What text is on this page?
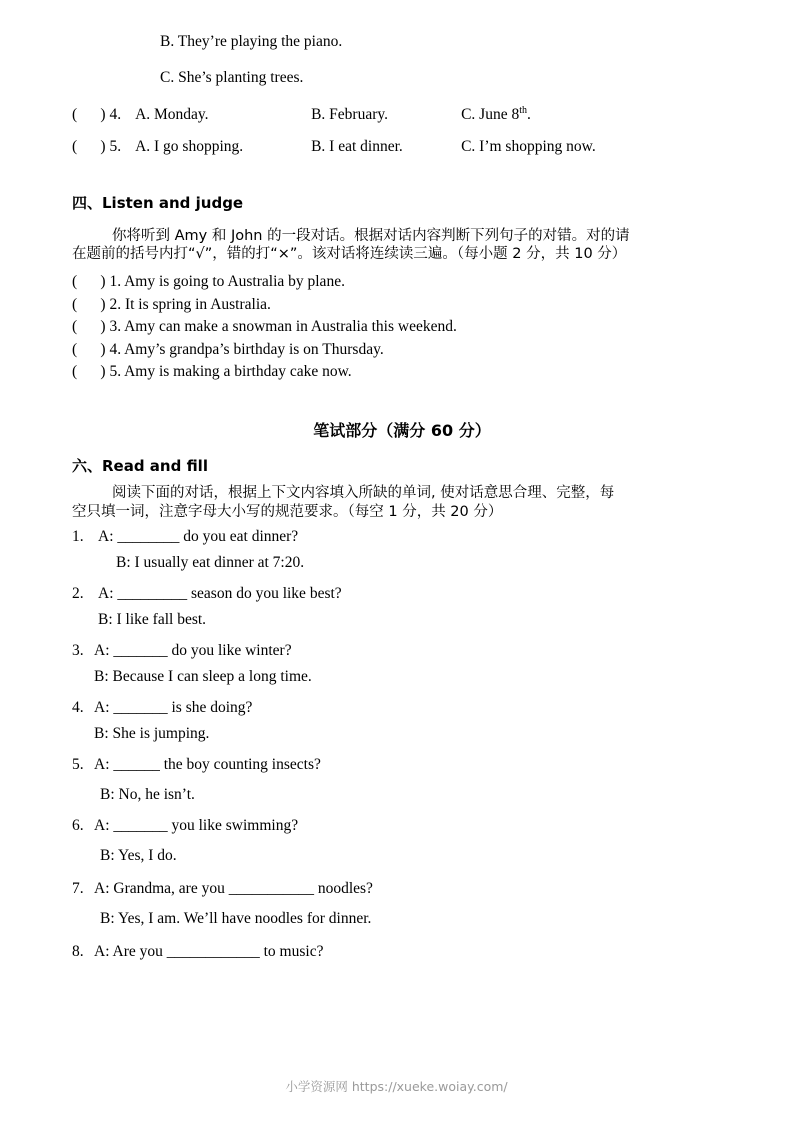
B. They’re playing the piano.
C. She’s planting trees.
(      ) 4. A. Monday.	B. February.	C. June 8th.
(      ) 5. A. I go shopping.	B. I eat dinner.	C. I’m shopping now.
四、Listen and judge
你将听到 Amy 和 John 的一段对话。根据对话内容判断下列句子的对错。对的请
在题前的括号内打“√”，错的打“×”。该对话将连续读三遍。（每小题 2 分，共 10 分）
(      ) 1. Amy is going to Australia by plane.
(      ) 2. It is spring in Australia.
(      ) 3. Amy can make a snowman in Australia this weekend.
(      ) 4. Amy’s grandpa’s birthday is on Thursday.
(      ) 5. Amy is making a birthday cake now.
笔试部分（满分 60 分）
六、Read and fill
阅读下面的对话，根据上下文内容填入所缺的单词, 使对话意思合理、完整，每
空只填一词，注意字母大小写的规范要求。（每空 1 分，共 20 分）
1. A: ________ do you eat dinner?
B: I usually eat dinner at 7:20.
2. A: _________ season do you like best?
B: I like fall best.
3. A: _______ do you like winter?
B: Because I can sleep a long time.
4. A: _______ is she doing?
B: She is jumping.
5. A: ______ the boy counting insects?
B: No, he isn’t.
6. A: _______ you like swimming?
B: Yes, I do.
7. A: Grandma, are you ___________ noodles?
B: Yes, I am. We’ll have noodles for dinner.
8. A: Are you ____________ to music?
小学资源网 https://xueke.woiay.com/
